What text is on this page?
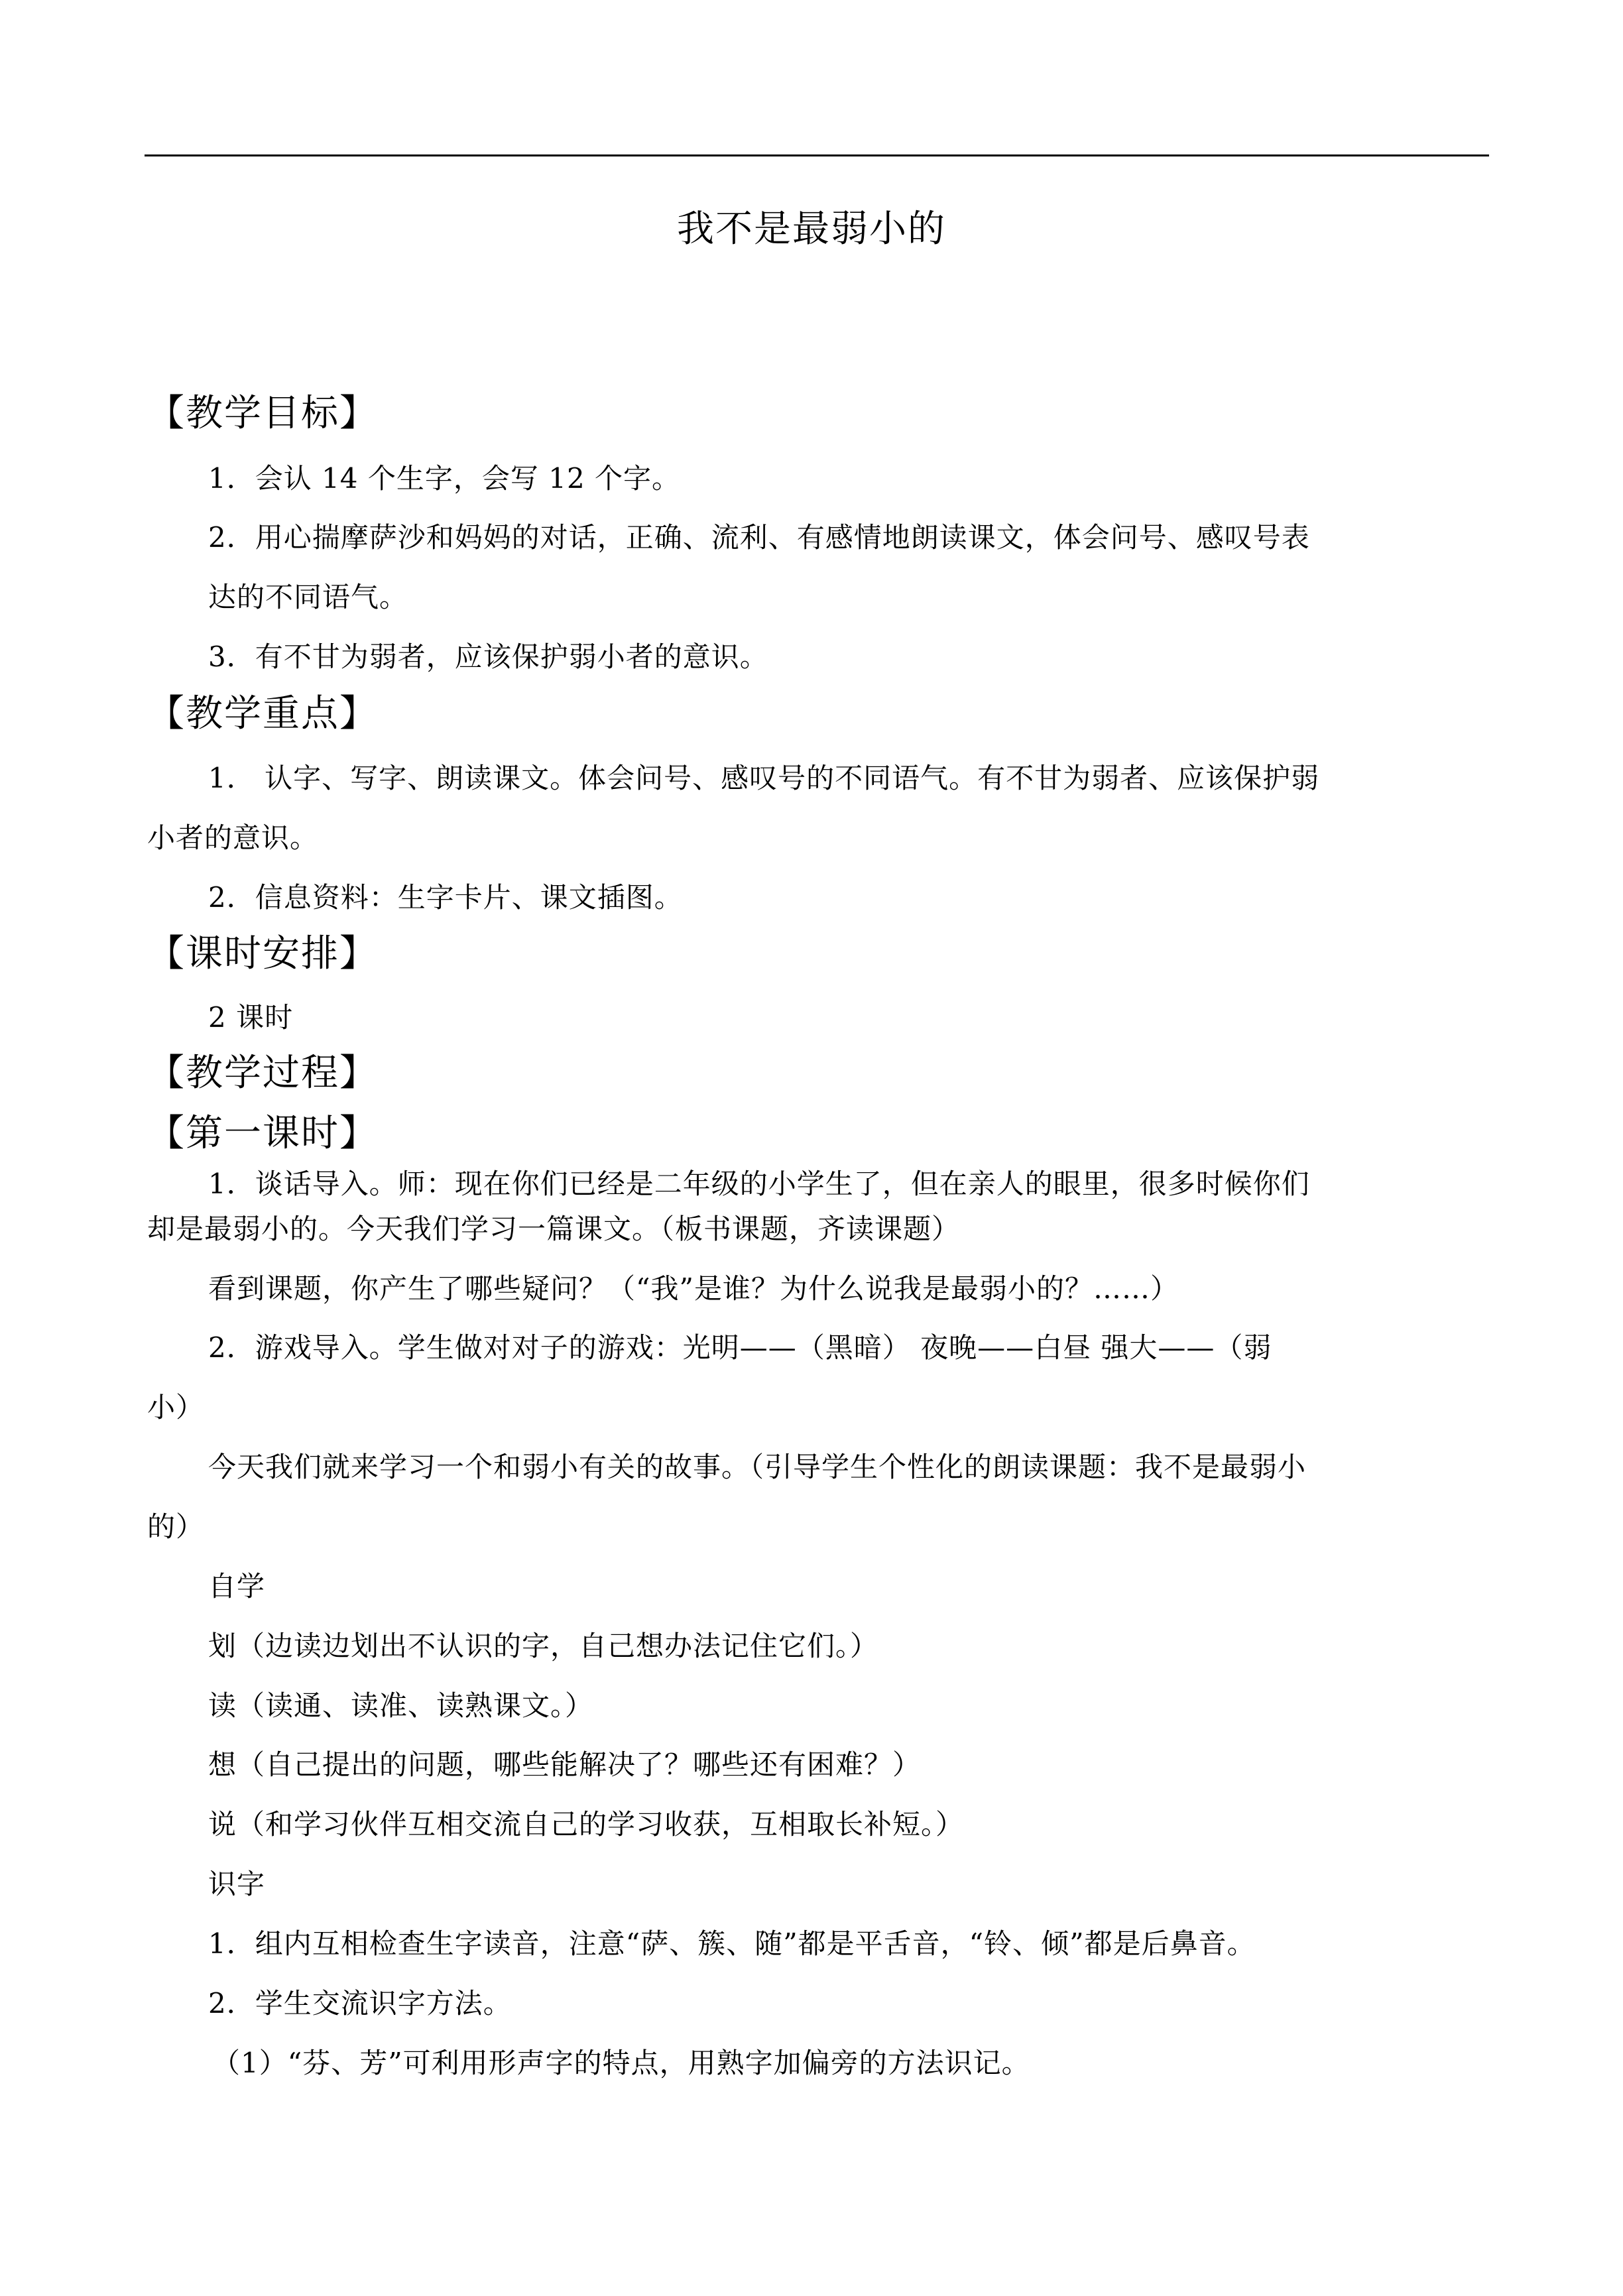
我不是最弱小的
【教学目标】
1．会认 14 个生字，会写 12 个字。
2．用心揣摩萨沙和妈妈的对话，正确、流利、有感情地朗读课文，体会问号、感叹号表
达的不同语气。
3．有不甘为弱者，应该保护弱小者的意识。
【教学重点】
1． 认字、写字、朗读课文。体会问号、感叹号的不同语气。有不甘为弱者、应该保护弱
小者的意识。
2．信息资料：生字卡片、课文插图。
【课时安排】
2 课时
【教学过程】
【第一课时】
1．谈话导入。师：现在你们已经是二年级的小学生了，但在亲人的眼里，很多时候你们
却是最弱小的。今天我们学习一篇课文。（板书课题，齐读课题）
看到课题，你产生了哪些疑问？（“我”是谁？为什么说我是最弱小的？……）
2．游戏导入。学生做对对子的游戏：光明——（黑暗） 夜晚——白昼 强大——（弱
小）
今天我们就来学习一个和弱小有关的故事。（引导学生个性化的朗读课题：我不是最弱小
的）
自学
划（边读边划出不认识的字，自己想办法记住它们。）
读（读通、读准、读熟课文。）
想（自己提出的问题，哪些能解决了？哪些还有困难？）
说（和学习伙伴互相交流自己的学习收获，互相取长补短。）
识字
1．组内互相检查生字读音，注意“萨、簇、随”都是平舌音，“铃、倾”都是后鼻音。
2．学生交流识字方法。
（1）“芬、芳”可利用形声字的特点，用熟字加偏旁的方法识记。
